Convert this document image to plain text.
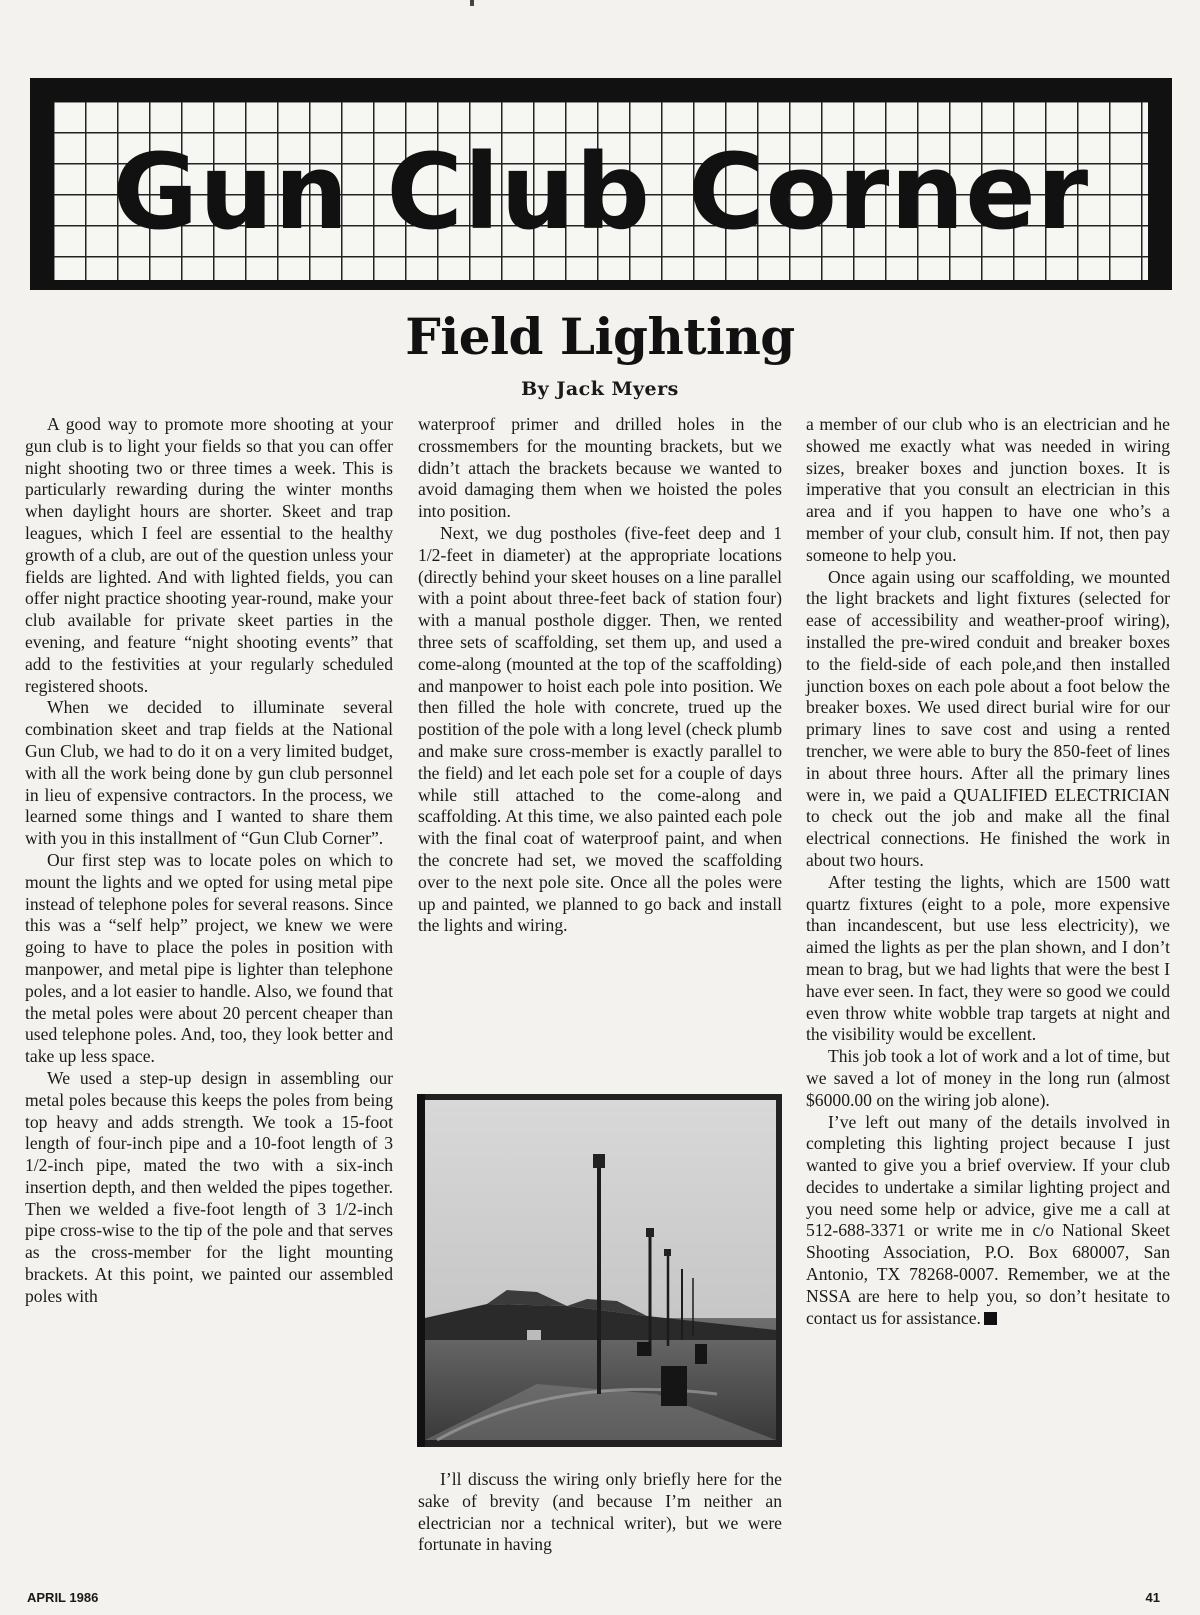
Gun Club Corner
Field Lighting
By Jack Myers

A good way to promote more shooting at your gun club is to light your fields so that you can offer night shooting two or three times a week. This is particularly rewarding during the winter months when daylight hours are shorter. Skeet and trap leagues, which I feel are essential to the healthy growth of a club, are out of the question unless your fields are lighted. And with lighted fields, you can offer night practice shooting year-round, make your club available for private skeet parties in the evening, and feature “night shooting events” that add to the festivities at your regularly scheduled registered shoots.

When we decided to illuminate several combination skeet and trap fields at the National Gun Club, we had to do it on a very limited budget, with all the work being done by gun club personnel in lieu of expensive contractors. In the process, we learned some things and I wanted to share them with you in this installment of “Gun Club Corner”.

Our first step was to locate poles on which to mount the lights and we opted for using metal pipe instead of telephone poles for several reasons. Since this was a “self help” project, we knew we were going to have to place the poles in position with manpower, and metal pipe is lighter than telephone poles, and a lot easier to handle. Also, we found that the metal poles were about 20 percent cheaper than used telephone poles. And, too, they look better and take up less space.

We used a step-up design in assembling our metal poles because this keeps the poles from being top heavy and adds strength. We took a 15-foot length of four-inch pipe and a 10-foot length of 3 1/2-inch pipe, mated the two with a six-inch insertion depth, and then welded the pipes together. Then we welded a five-foot length of 3 1/2-inch pipe cross-wise to the tip of the pole and that serves as the cross-member for the light mounting brackets. At this point, we painted our assembled poles with

waterproof primer and drilled holes in the crossmembers for the mounting brackets, but we didn’t attach the brackets because we wanted to avoid damaging them when we hoisted the poles into position.

Next, we dug postholes (five-feet deep and 1 1/2-feet in diameter) at the appropriate locations (directly behind your skeet houses on a line parallel with a point about three-feet back of station four) with a manual posthole digger. Then, we rented three sets of scaffolding, set them up, and used a come-along (mounted at the top of the scaffolding) and manpower to hoist each pole into position. We then filled the hole with concrete, trued up the postition of the pole with a long level (check plumb and make sure cross-member is exactly parallel to the field) and let each pole set for a couple of days while still attached to the come-along and scaffolding. At this time, we also painted each pole with the final coat of waterproof paint, and when the concrete had set, we moved the scaffolding over to the next pole site. Once all the poles were up and painted, we planned to go back and install the lights and wiring.

I’ll discuss the wiring only briefly here for the sake of brevity (and because I’m neither an electrician nor a technical writer), but we were fortunate in having

a member of our club who is an electrician and he showed me exactly what was needed in wiring sizes, breaker boxes and junction boxes. It is imperative that you consult an electrician in this area and if you happen to have one who’s a member of your club, consult him. If not, then pay someone to help you.

Once again using our scaffolding, we mounted the light brackets and light fixtures (selected for ease of accessibility and weather-proof wiring), installed the pre-wired conduit and breaker boxes to the field-side of each pole,and then installed junction boxes on each pole about a foot below the breaker boxes. We used direct burial wire for our primary lines to save cost and using a rented trencher, we were able to bury the 850-feet of lines in about three hours. After all the primary lines were in, we paid a QUALIFIED ELECTRICIAN to check out the job and make all the final electrical connections. He finished the work in about two hours.

After testing the lights, which are 1500 watt quartz fixtures (eight to a pole, more expensive than incandescent, but use less electricity), we aimed the lights as per the plan shown, and I don’t mean to brag, but we had lights that were the best I have ever seen. In fact, they were so good we could even throw white wobble trap targets at night and the visibility would be excellent.

This job took a lot of work and a lot of time, but we saved a lot of money in the long run (almost $6000.00 on the wiring job alone).

I’ve left out many of the details involved in completing this lighting project because I just wanted to give you a brief overview. If your club decides to undertake a similar lighting project and you need some help or advice, give me a call at 512-688-3371 or write me in c/o National Skeet Shooting Association, P.O. Box 680007, San Antonio, TX 78268-0007. Remember, we at the NSSA are here to help you, so don’t hesitate to contact us for assistance.

APRIL 1986	41
